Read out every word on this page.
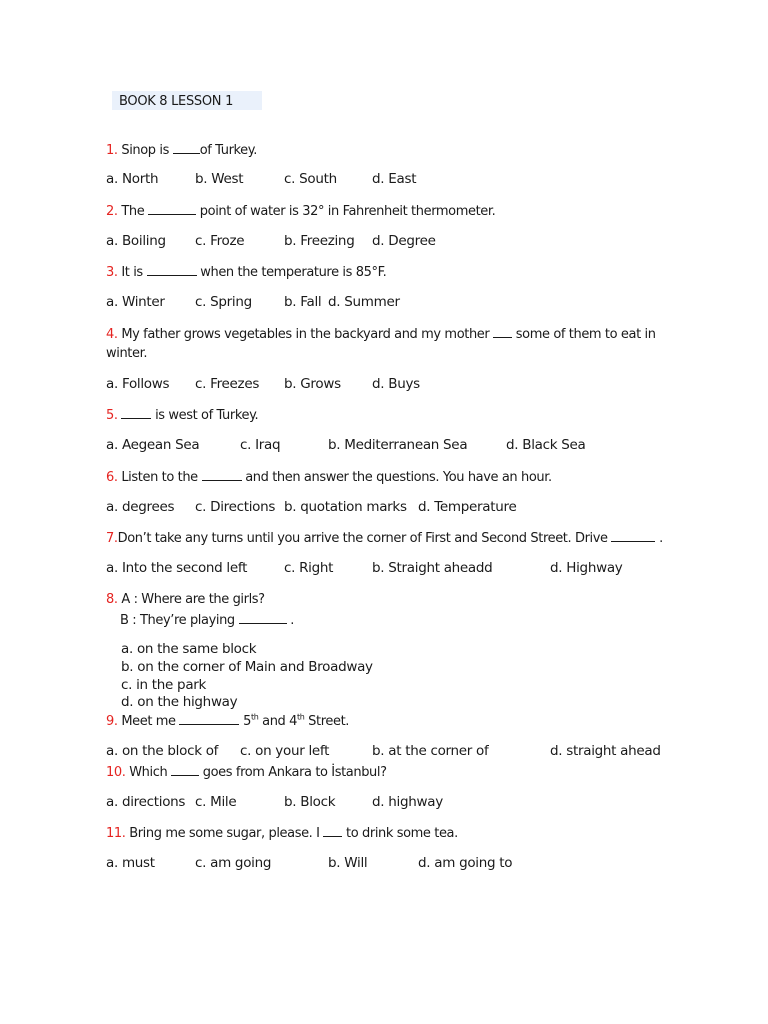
BOOK 8 LESSON 1
1. Sinop is of Turkey.
a. North	b. West	c. South	d. East
2. The	point of water is 32° in Fahrenheit thermometer.
a. Boiling c. Froze	b. Freezing d. Degree
3. It is	when the temperature is 85°F.
a. Winter c. Spring b. Fall d. Summer
4. My father grows vegetables in the backyard and my mother  some of them to eat in
winter.
a. Follows c. Freezes b. Grows d. Buys
5.	is west of Turkey.
a. Aegean Sea	c. Iraq	b. Mediterranean Sea	d. Black Sea
6. Listen to the	and then answer the questions. You have an hour.
a. degrees c. Directions b. quotation marks d. Temperature
7.Don’t take any turns until you arrive the corner of First and Second Street. Drive	.
a. Into the second left	c. Right	b. Straight aheadd	d. Highway
8. A : Where are the girls?
B : They’re playing	.
a. on the same block
b. on the corner of Main and Broadway
c. in the park
d. on the highway
9. Meet me	5th and 4th Street.
a. on the block of c. on your left	b. at the corner of	d. straight ahead
10. Which  goes from Ankara to İstanbul?
a. directions c. Mile	b. Block	d. highway
11. Bring me some sugar, please. I  to drink some tea.
a. must	c. am going	b. Will	d. am going to
